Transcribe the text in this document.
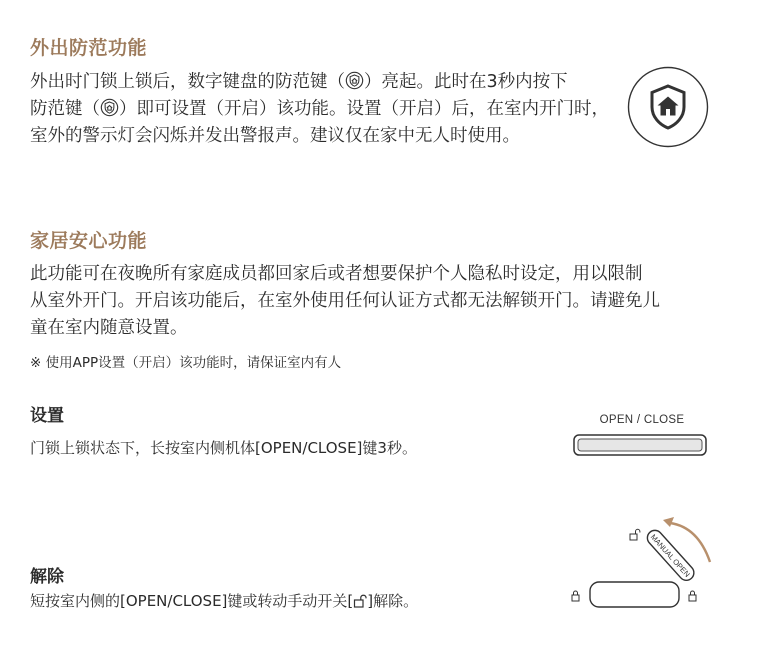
外出防范功能
外出时门锁上锁后，数字键盘的防范键（ ）亮起。此时在3秒内按下
防范键（ ）即可设置（开启）该功能。设置（开启）后，在室内开门时，
室外的警示灯会闪烁并发出警报声。建议仅在家中无人时使用。
家居安心功能
此功能可在夜晚所有家庭成员都回家后或者想要保护个人隐私时设定，用以限制
从室外开门。开启该功能后，在室外使用任何认证方式都无法解锁开门。请避免儿
童在室内随意设置。
※ 使用APP设置（开启）该功能时，请保证室内有人
设置
门锁上锁状态下，长按室内侧机体[OPEN/CLOSE]键3秒。
OPEN / CLOSE
解除
短按室内侧的[OPEN/CLOSE]键或转动手动开关[ ]解除。
MANUAL OPEN
